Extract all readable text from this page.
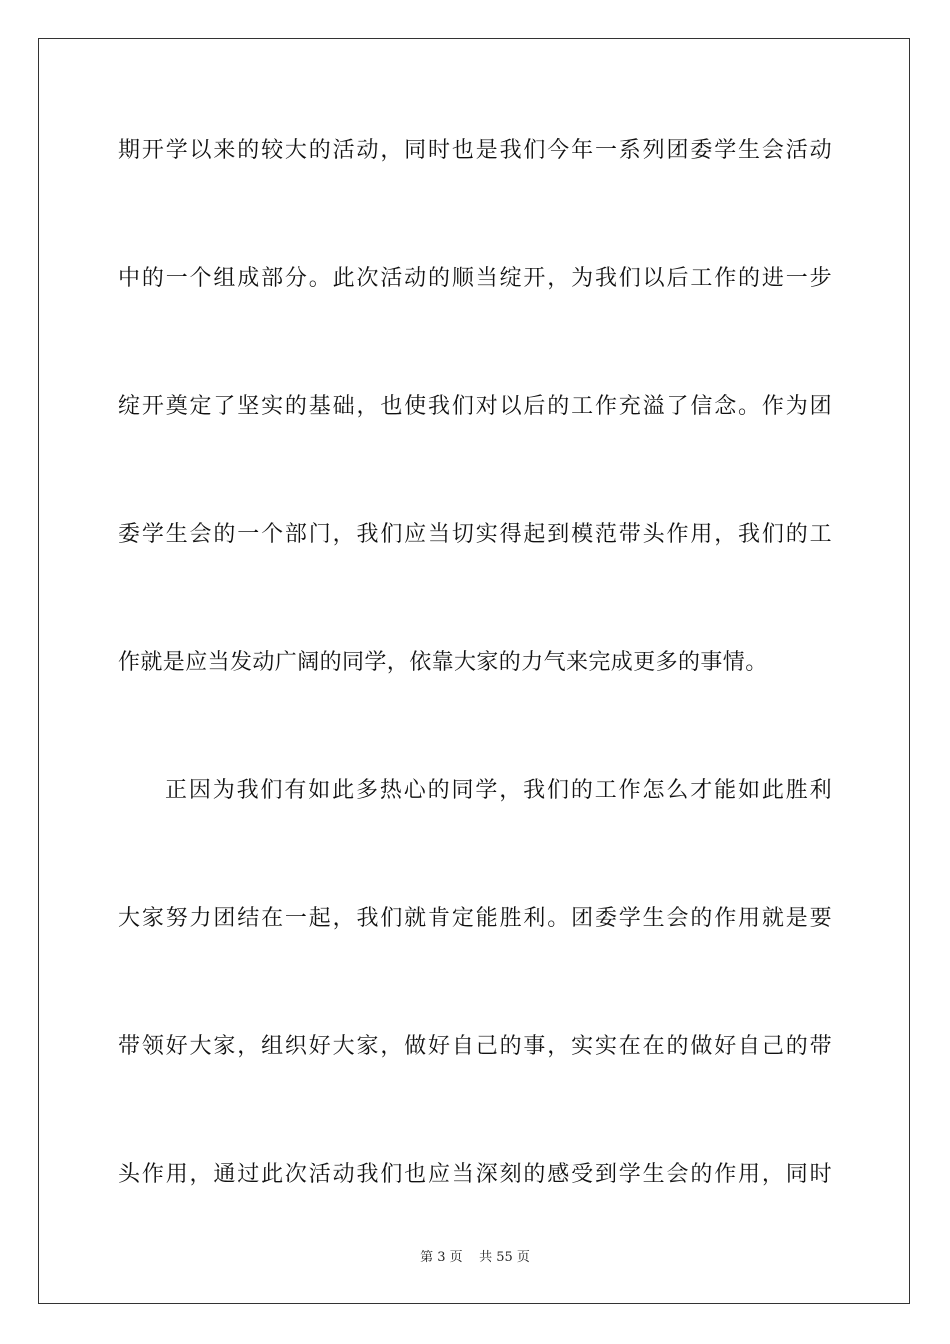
期开学以来的较大的活动，同时也是我们今年一系列团委学生会活动
中的一个组成部分。此次活动的顺当绽开，为我们以后工作的进一步
绽开奠定了坚实的基础，也使我们对以后的工作充溢了信念。作为团
委学生会的一个部门，我们应当切实得起到模范带头作用，我们的工
作就是应当发动广阔的同学，依靠大家的力气来完成更多的事情。
正因为我们有如此多热心的同学，我们的工作怎么才能如此胜利
大家努力团结在一起，我们就肯定能胜利。团委学生会的作用就是要
带领好大家，组织好大家，做好自己的事，实实在在的做好自己的带
头作用，通过此次活动我们也应当深刻的感受到学生会的作用，同时
第 3 页    共 55 页
